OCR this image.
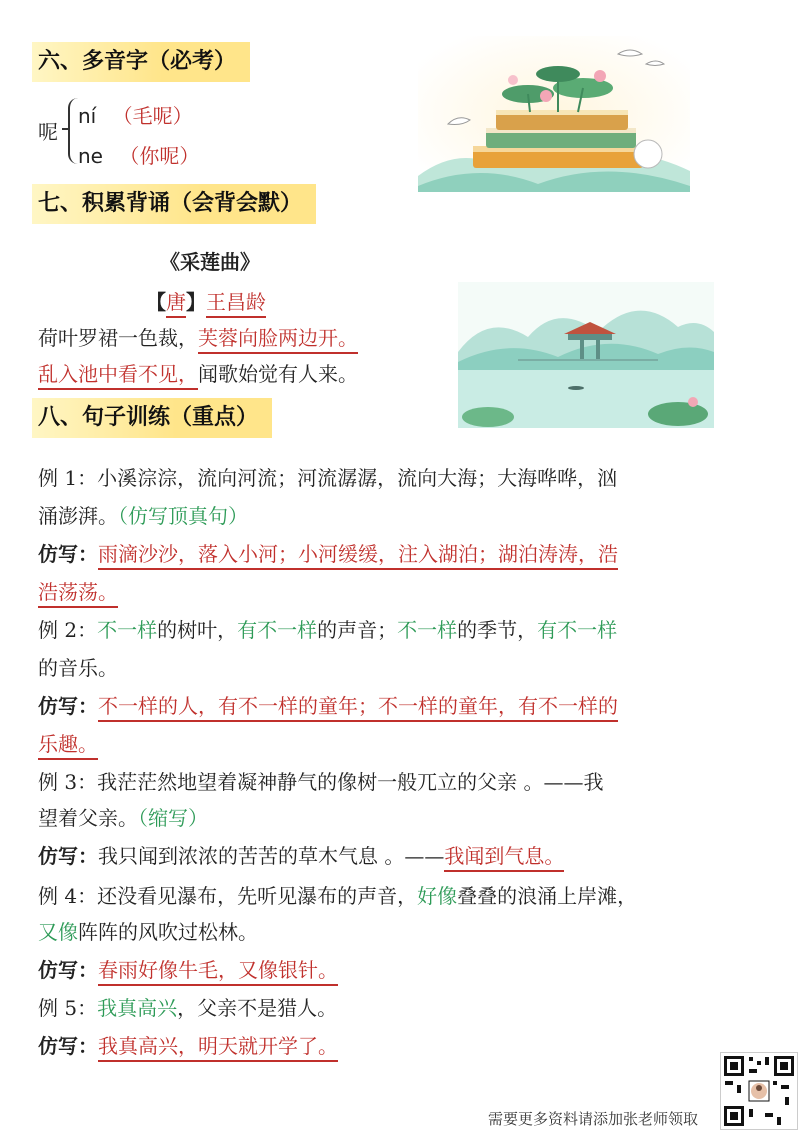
六、多音字（必考）
呢
ní （毛呢）
ne （你呢）
七、积累背诵（会背会默）
《采莲曲》
【唐】王昌龄
荷叶罗裙一色裁，芙蓉向脸两边开。
乱入池中看不见，闻歌始觉有人来。
八、句子训练（重点）
例 1：小溪淙淙，流向河流；河流潺潺，流向大海；大海哗哗，汹
涌澎湃。（仿写顶真句）
仿写：雨滴沙沙，落入小河；小河缓缓，注入湖泊；湖泊涛涛，浩
浩荡荡。
例 2：不一样的树叶，有不一样的声音；不一样的季节，有不一样
的音乐。
仿写：不一样的人，有不一样的童年；不一样的童年，有不一样的
乐趣。
例 3：我茫茫然地望着凝神静气的像树一般兀立的父亲 。——我
望着父亲。（缩写）
仿写：我只闻到浓浓的苦苦的草木气息 。——我闻到气息。
例 4：还没看见瀑布，先听见瀑布的声音，好像叠叠的浪涌上岸滩，
又像阵阵的风吹过松林。
仿写：春雨好像牛毛，又像银针。
例 5：我真高兴，父亲不是猎人。
仿写：我真高兴，明天就开学了。
需要更多资料请添加张老师领取
